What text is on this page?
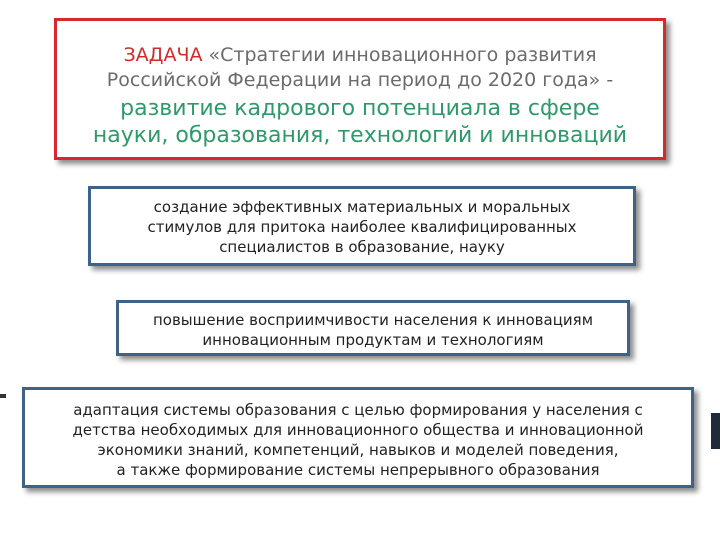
ЗАДАЧА «Стратегии инновационного развития
Российской Федерации на период до 2020 года» -
развитие кадрового потенциала в сфере
науки, образования, технологий и инноваций
создание эффективных материальных и моральных
стимулов для притока наиболее квалифицированных
специалистов в образование, науку
повышение восприимчивости населения к инновациям
инновационным продуктам и технологиям
адаптация системы образования с целью формирования у населения с
детства необходимых для инновационного общества и инновационной
экономики знаний, компетенций, навыков и моделей поведения,
а также формирование системы непрерывного образования
